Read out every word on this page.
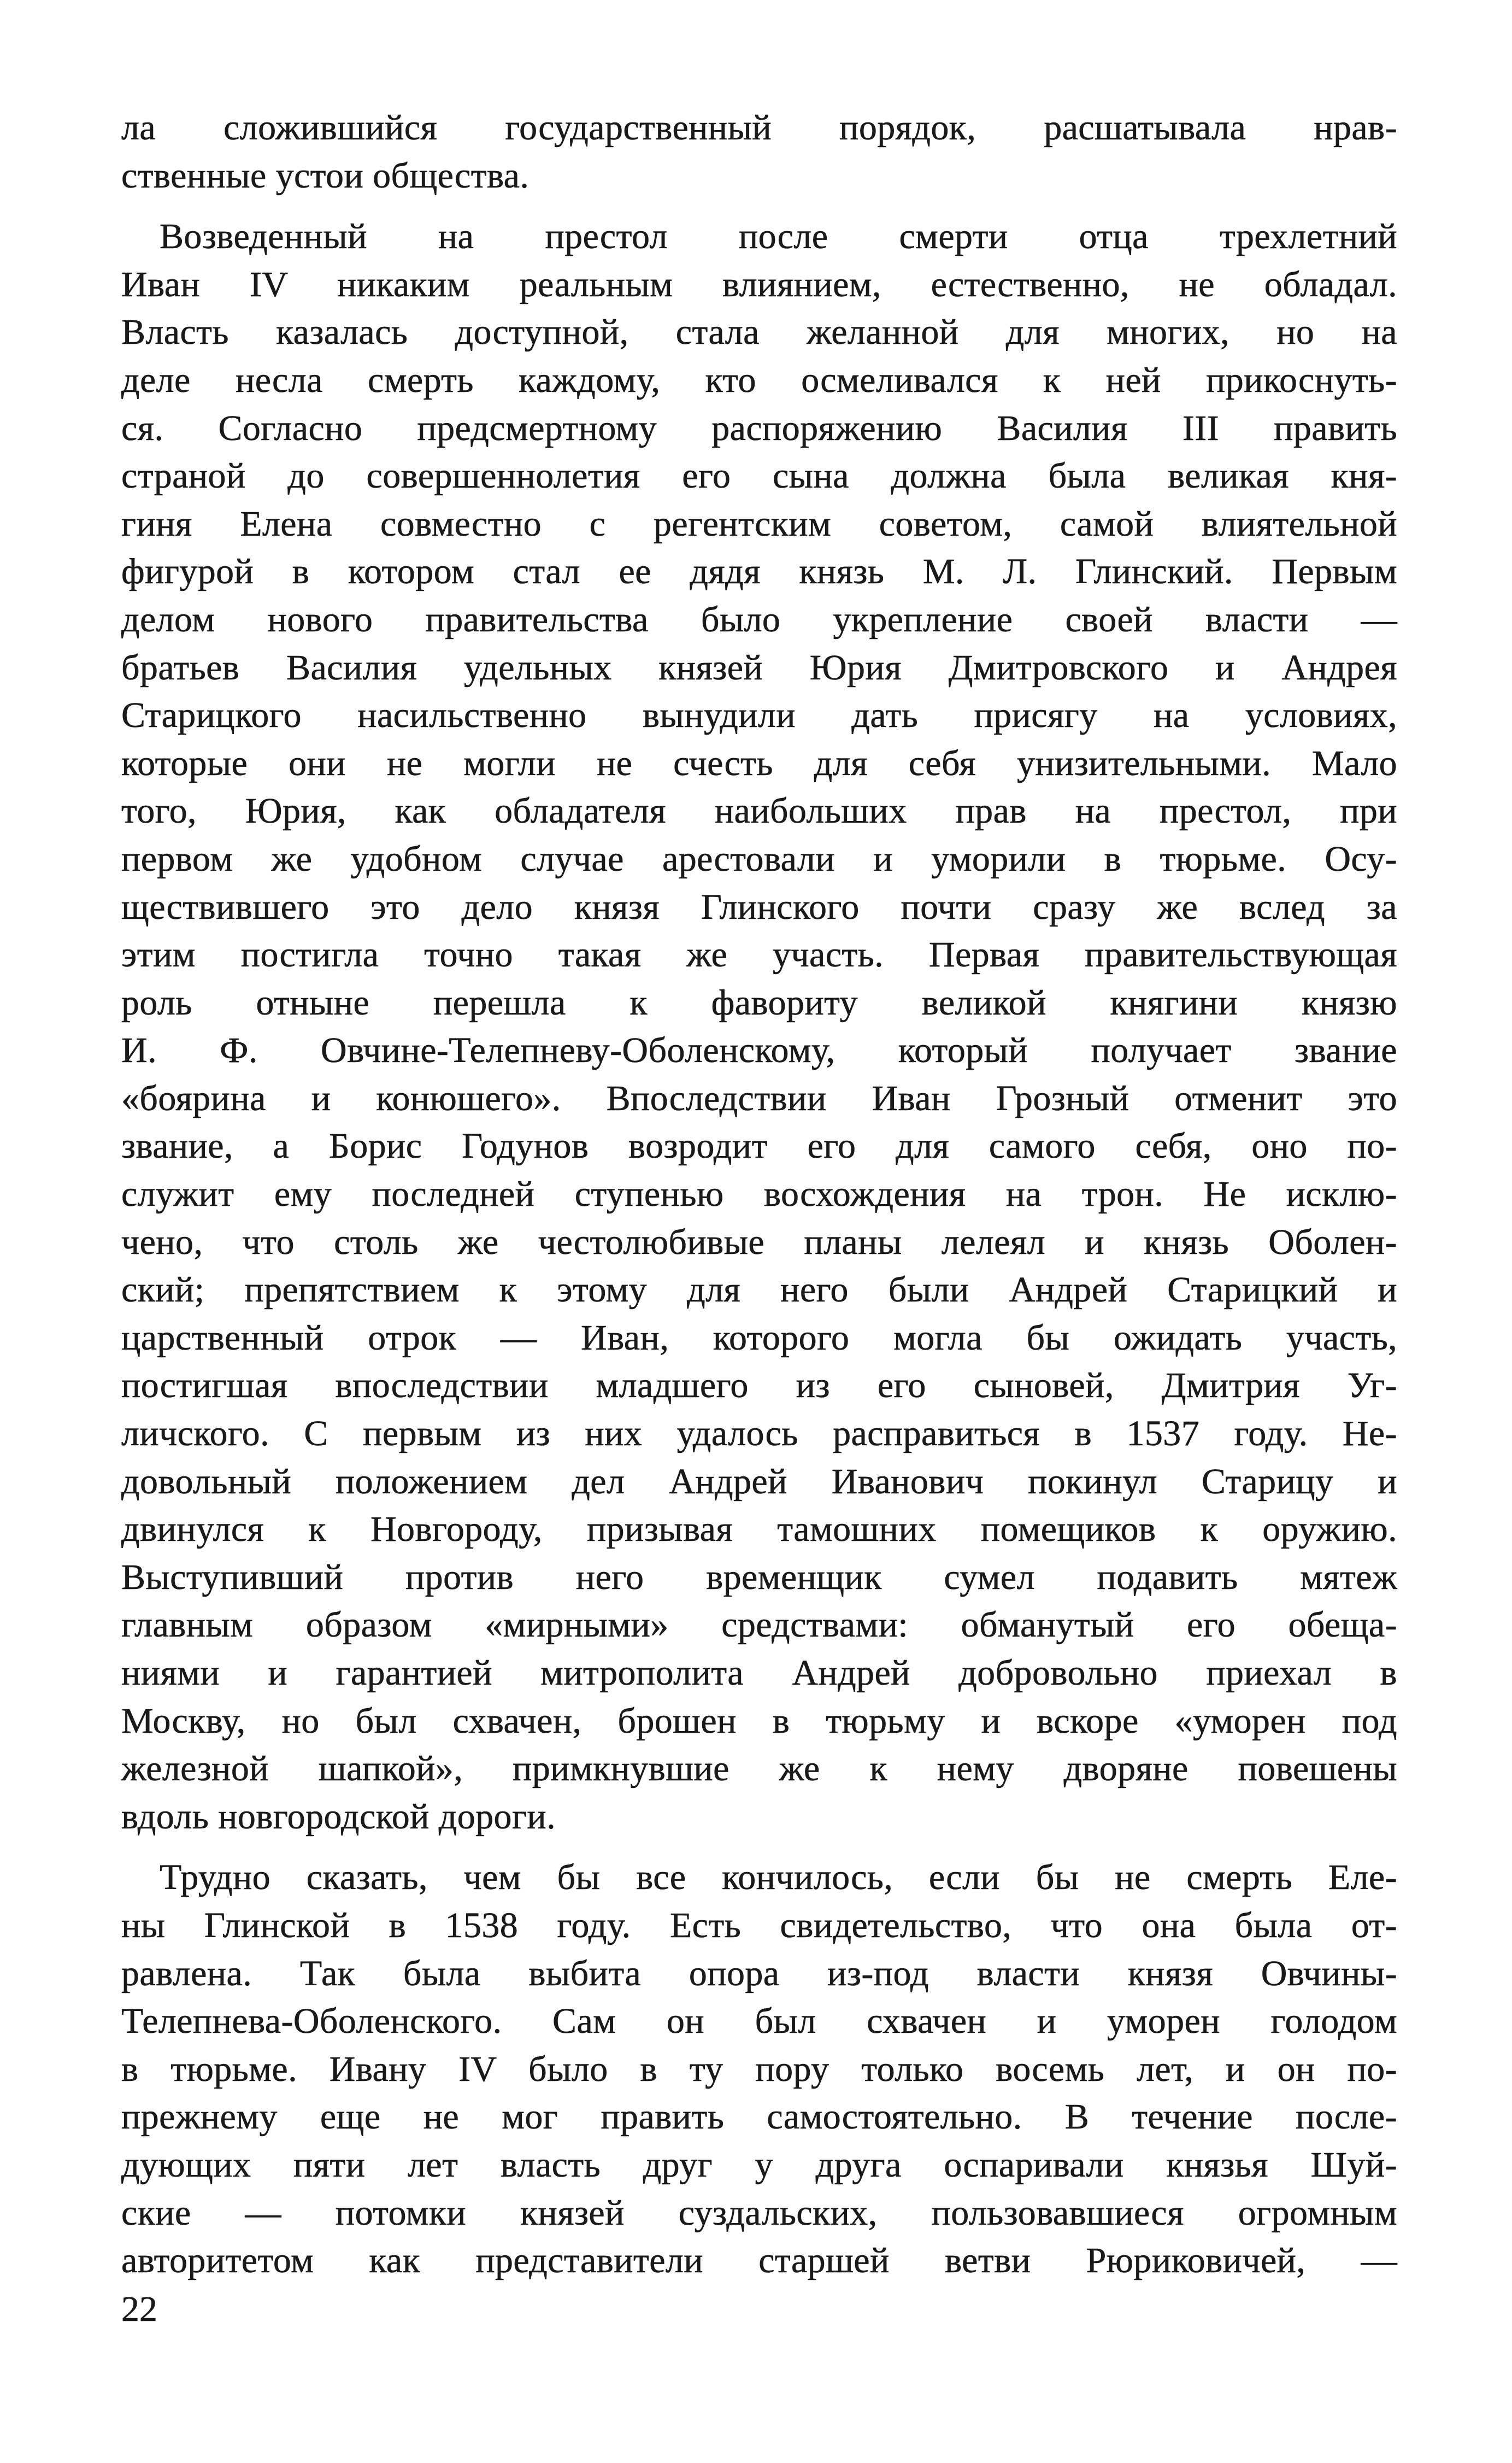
ла сложившийся государственный порядок, расшатывала нрав-
ственные устои общества.
Возведенный на престол после смерти отца трехлетний
Иван IV никаким реальным влиянием, естественно, не обладал.
Власть казалась доступной, стала желанной для многих, но на
деле несла смерть каждому, кто осмеливался к ней прикоснуть-
ся. Согласно предсмертному распоряжению Василия III править
страной до совершеннолетия его сына должна была великая кня-
гиня Елена совместно с регентским советом, самой влиятельной
фигурой в котором стал ее дядя князь М. Л. Глинский. Первым
делом нового правительства было укрепление своей власти —
братьев Василия удельных князей Юрия Дмитровского и Андрея
Старицкого насильственно вынудили дать присягу на условиях,
которые они не могли не счесть для себя унизительными. Мало
того, Юрия, как обладателя наибольших прав на престол, при
первом же удобном случае арестовали и уморили в тюрьме. Осу-
ществившего это дело князя Глинского почти сразу же вслед за
этим постигла точно такая же участь. Первая правительствующая
роль отныне перешла к фавориту великой княгини князю
И. Ф. Овчине-Телепневу-Оболенскому, который получает звание
«боярина и конюшего». Впоследствии Иван Грозный отменит это
звание, а Борис Годунов возродит его для самого себя, оно по-
служит ему последней ступенью восхождения на трон. Не исклю-
чено, что столь же честолюбивые планы лелеял и князь Оболен-
ский; препятствием к этому для него были Андрей Старицкий и
царственный отрок — Иван, которого могла бы ожидать участь,
постигшая впоследствии младшего из его сыновей, Дмитрия Уг-
личского. С первым из них удалось расправиться в 1537 году. Не-
довольный положением дел Андрей Иванович покинул Старицу и
двинулся к Новгороду, призывая тамошних помещиков к оружию.
Выступивший против него временщик сумел подавить мятеж
главным образом «мирными» средствами: обманутый его обеща-
ниями и гарантией митрополита Андрей добровольно приехал в
Москву, но был схвачен, брошен в тюрьму и вскоре «уморен под
железной шапкой», примкнувшие же к нему дворяне повешены
вдоль новгородской дороги.
Трудно сказать, чем бы все кончилось, если бы не смерть Еле-
ны Глинской в 1538 году. Есть свидетельство, что она была от-
равлена. Так была выбита опора из-под власти князя Овчины-
Телепнева-Оболенского. Сам он был схвачен и уморен голодом
в тюрьме. Ивану IV было в ту пору только восемь лет, и он по-
прежнему еще не мог править самостоятельно. В течение после-
дующих пяти лет власть друг у друга оспаривали князья Шуй-
ские — потомки князей суздальских, пользовавшиеся огромным
авторитетом как представители старшей ветви Рюриковичей, —
22
